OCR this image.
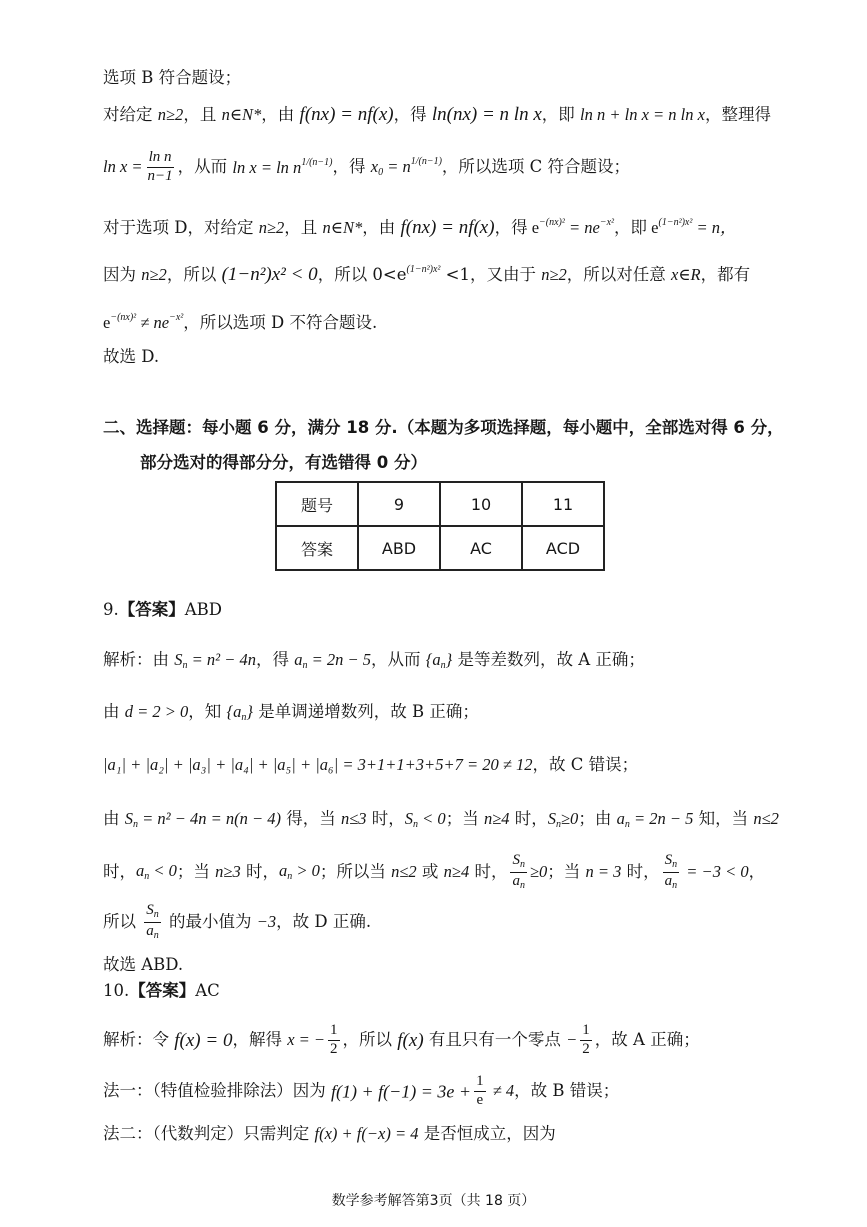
选项 B 符合题设；
对给定 n≥2，且 n∈N*，由 f(nx) = nf(x)，得 ln(nx) = n ln x，即 ln n + ln x = n ln x，整理得
$\ln x = \frac{\text{ln n}}{n-1}$ ，从而 $\ln x = \ln n^{1/(n-1)}$，得 $x_0 = n^{1/(n-1)}$，所以选项 C 符合题设；
对于选项 D，对给定 n≥2，且 n∈N*，由 f(nx) = nf(x)，得 $e^{-(nx)^2} = ne^{-x^2}$，即 $e^{(1-n^2)x^2} = n$，
因为 n≥2，所以 (1−n²)x² < 0，所以 $0<e^{(1-n^2)x^2} <1$，又由于 n≥2，所以对任意 x∈R，都有
$e^{-(nx)^2} \ne ne^{-x^2}$，所以选项 D 不符合题设.
故选 D.
二、选择题：每小题 6 分，满分 18 分.（本题为多项选择题，每小题中，全部选对得 6 分，
部分选对的得部分分，有选错得 0 分）
题号	9	10	11
答案	ABD	AC	ACD
9.【答案】ABD
解析：由 $S_n = n^2 - 4n$，得 $a_n = 2n - 5$，从而 $\{a_n\}$ 是等差数列，故 A 正确；
由 d = 2 > 0，知 $\{a_n\}$ 是单调递增数列，故 B 正确；
|a₁| + |a₂| + |a₃| + |a₄| + |a₅| + |a₆| = 3+1+1+3+5+7 = 20 ≠ 12，故 C 错误；
由 $S_n = n^2 - 4n = n(n - 4)$ 得，当 n≤3 时，$S_n < 0$；当 n≥4 时，$S_n\ge 0$；由 $a_n = 2n - 5$ 知，当 n≤2
时，$a_n < 0$；当 n≥3 时，$a_n > 0$；所以当 n≤2 或 n≥4 时， $\frac{S_n}{a_n} \ge 0$；当 n = 3 时， $\frac{S_n}{a_n} = -3 < 0$，
所以 $\frac{S_n}{a_n}$ 的最小值为 −3，故 D 正确.
故选 ABD.
10.【答案】AC
解析：令 f(x) = 0，解得 x = − $\frac{1}{2}$ ，所以 f(x) 有且只有一个零点 − $\frac{1}{2}$ ，故 A 正确；
法一：（特值检验排除法）因为 $f(1) + f(-1) = 3e + \frac{1}{e} \ne 4$，故 B 错误；
法二：（代数判定）只需判定 f(x) + f(−x) = 4 是否恒成立，因为
数学参考解答第3页（共 18 页）
